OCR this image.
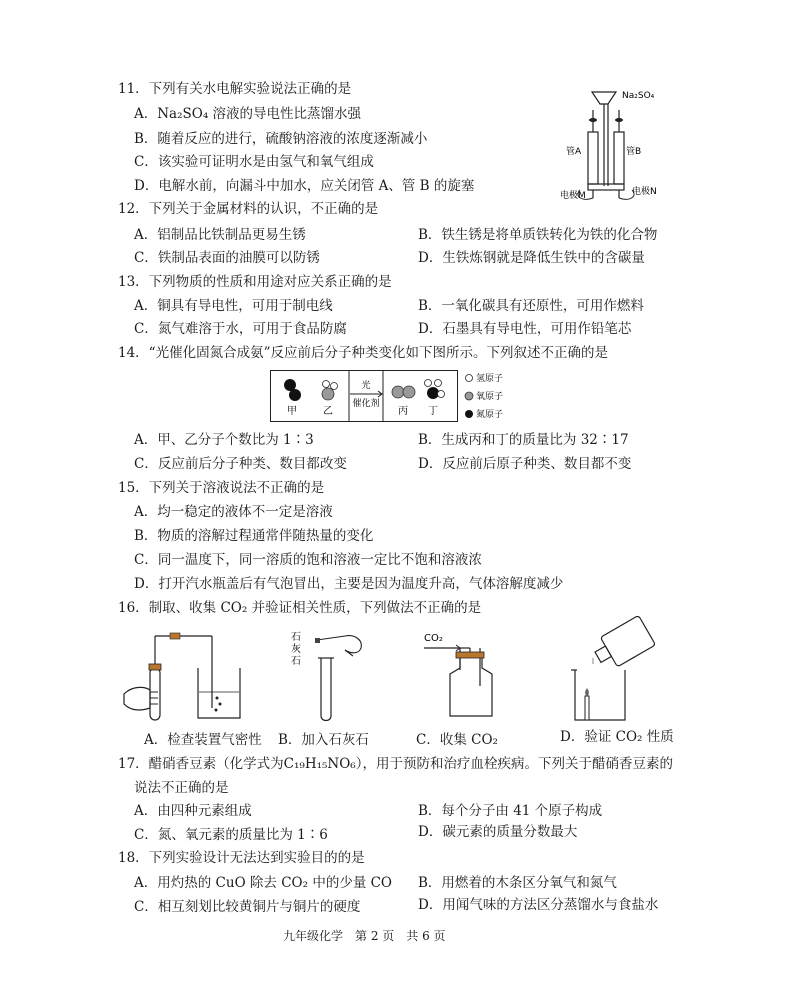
11．下列有关水电解实验说法正确的是
A．Na₂SO₄ 溶液的导电性比蒸馏水强
B．随着反应的进行，硫酸钠溶液的浓度逐渐减小
C．该实验可证明水是由氢气和氧气组成
D．电解水前，向漏斗中加水，应关闭管 A、管 B 的旋塞
Na₂SO₄
管A	管B
电极M	电极N
12．下列关于金属材料的认识，不正确的是
A．铝制品比铁制品更易生锈	B．铁生锈是将单质铁转化为铁的化合物
C．铁制品表面的油膜可以防锈	D．生铁炼钢就是降低生铁中的含碳量
13．下列物质的性质和用途对应关系正确的是
A．铜具有导电性，可用于制电线	B．一氧化碳具有还原性，可用作燃料
C．氮气难溶于水，可用于食品防腐	D．石墨具有导电性，可用作铅笔芯
14．“光催化固氮合成氨”反应前后分子种类变化如下图所示。下列叙述不正确的是
光
催化剂
甲	乙	丙 丁
氢原子
氧原子
氮原子
A．甲、乙分子个数比为 1∶3	B．生成丙和丁的质量比为 32∶17
C．反应前后分子种类、数目都改变	D．反应前后原子种类、数目都不变
15．下列关于溶液说法不正确的是
A．均一稳定的液体不一定是溶液
B．物质的溶解过程通常伴随热量的变化
C．同一温度下，同一溶质的饱和溶液一定比不饱和溶液浓
D．打开汽水瓶盖后有气泡冒出，主要是因为温度升高，气体溶解度减少
16．制取、收集 CO₂ 并验证相关性质，下列做法不正确的是
石
灰
石
CO₂
A．检查装置气密性 B．加入石灰石	C．收集 CO₂	D．验证 CO₂ 性质
17．醋硝香豆素（化学式为C₁₉H₁₅NO₆），用于预防和治疗血栓疾病。下列关于醋硝香豆素的
说法不正确的是
A．由四种元素组成	B．每个分子由 41 个原子构成
C．氮、氧元素的质量比为 1∶6	D．碳元素的质量分数最大
18．下列实验设计无法达到实验目的的是
A．用灼热的 CuO 除去 CO₂ 中的少量 CO B．用燃着的木条区分氧气和氮气
C．相互刻划比较黄铜片与铜片的硬度	D．用闻气味的方法区分蒸馏水与食盐水
九年级化学　第 2 页　共 6 页
